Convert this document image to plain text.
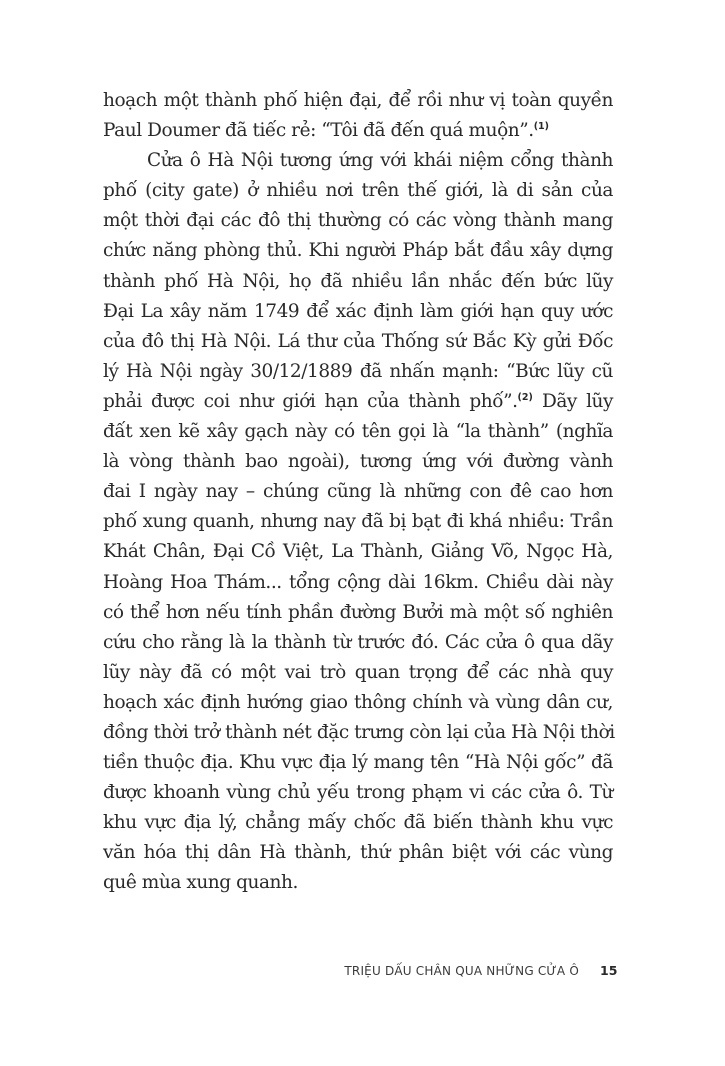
hoạch một thành phố hiện đại, để rồi như vị toàn quyền
Paul Doumer đã tiếc rẻ: “Tôi đã đến quá muộn”.$^{(1)}$
Cửa ô Hà Nội tương ứng với khái niệm cổng thành
phố (city gate) ở nhiều nơi trên thế giới, là di sản của
một thời đại các đô thị thường có các vòng thành mang
chức năng phòng thủ. Khi người Pháp bắt đầu xây dựng
thành phố Hà Nội, họ đã nhiều lần nhắc đến bức lũy
Đại La xây năm 1749 để xác định làm giới hạn quy ước
của đô thị Hà Nội. Lá thư của Thống sứ Bắc Kỳ gửi Đốc
lý Hà Nội ngày 30/12/1889 đã nhấn mạnh: “Bức lũy cũ
phải được coi như giới hạn của thành phố”.$^{(2)}$ Dãy lũy
đất xen kẽ xây gạch này có tên gọi là “la thành” (nghĩa
là vòng thành bao ngoài), tương ứng với đường vành
đai I ngày nay – chúng cũng là những con đê cao hơn
phố xung quanh, nhưng nay đã bị bạt đi khá nhiều: Trần
Khát Chân, Đại Cồ Việt, La Thành, Giảng Võ, Ngọc Hà,
Hoàng Hoa Thám... tổng cộng dài 16km. Chiều dài này
có thể hơn nếu tính phần đường Bưởi mà một số nghiên
cứu cho rằng là la thành từ trước đó. Các cửa ô qua dãy
lũy này đã có một vai trò quan trọng để các nhà quy
hoạch xác định hướng giao thông chính và vùng dân cư,
đồng thời trở thành nét đặc trưng còn lại của Hà Nội thời
tiền thuộc địa. Khu vực địa lý mang tên “Hà Nội gốc” đã
được khoanh vùng chủ yếu trong phạm vi các cửa ô. Từ
khu vực địa lý, chẳng mấy chốc đã biến thành khu vực
văn hóa thị dân Hà thành, thứ phân biệt với các vùng
quê mùa xung quanh.
TRIỆU DẤU CHÂN QUA NHỮNG CỬA Ô 15
